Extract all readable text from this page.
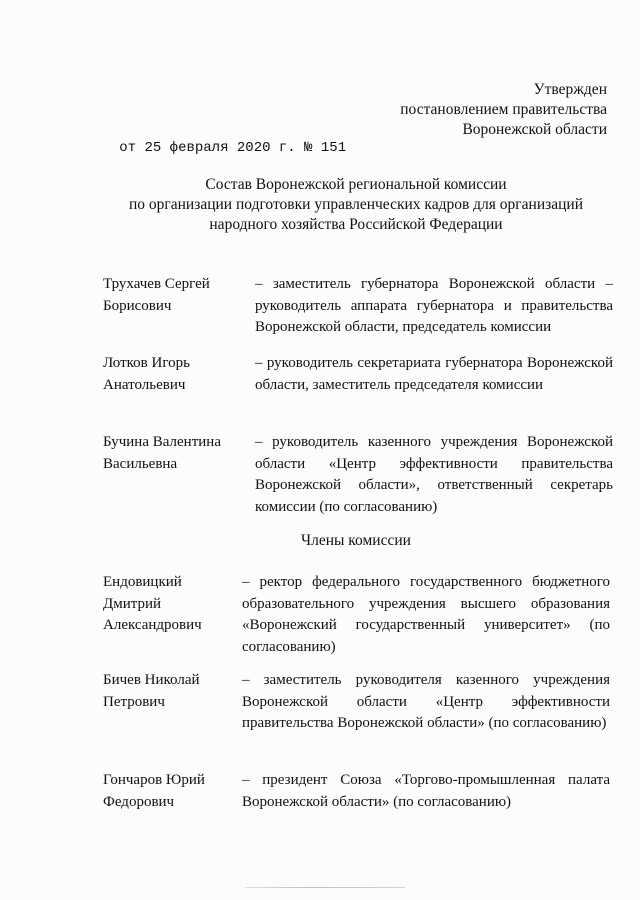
Утвержден
постановлением правительства
Воронежской области
от 25 февраля 2020 г. № 151
Состав Воронежской региональной комиссии
по организации подготовки управленческих кадров для организаций
народного хозяйства Российской Федерации
Трухачев Сергей
Борисович
– заместитель губернатора Воронежской области – руководитель аппарата губернатора и правительства Воронежской области, председатель комиссии
Лотков Игорь
Анатольевич
– руководитель секретариата губернатора Воронежской области, заместитель председателя комиссии
Бучина Валентина
Васильевна
– руководитель казенного учреждения Воронежской области «Центр эффективности правительства Воронежской области», ответственный секретарь комиссии (по согласованию)
Члены комиссии
Ендовицкий
Дмитрий
Александрович
– ректор федерального государственного бюджетного образовательного учреждения высшего образования «Воронежский государственный университет» (по согласованию)
Бичев Николай
Петрович
– заместитель руководителя казенного учреждения Воронежской области «Центр эффективности правительства Воронежской области» (по согласованию)
Гончаров Юрий
Федорович
– президент Союза «Торгово-промышленная палата Воронежской области» (по согласованию)
